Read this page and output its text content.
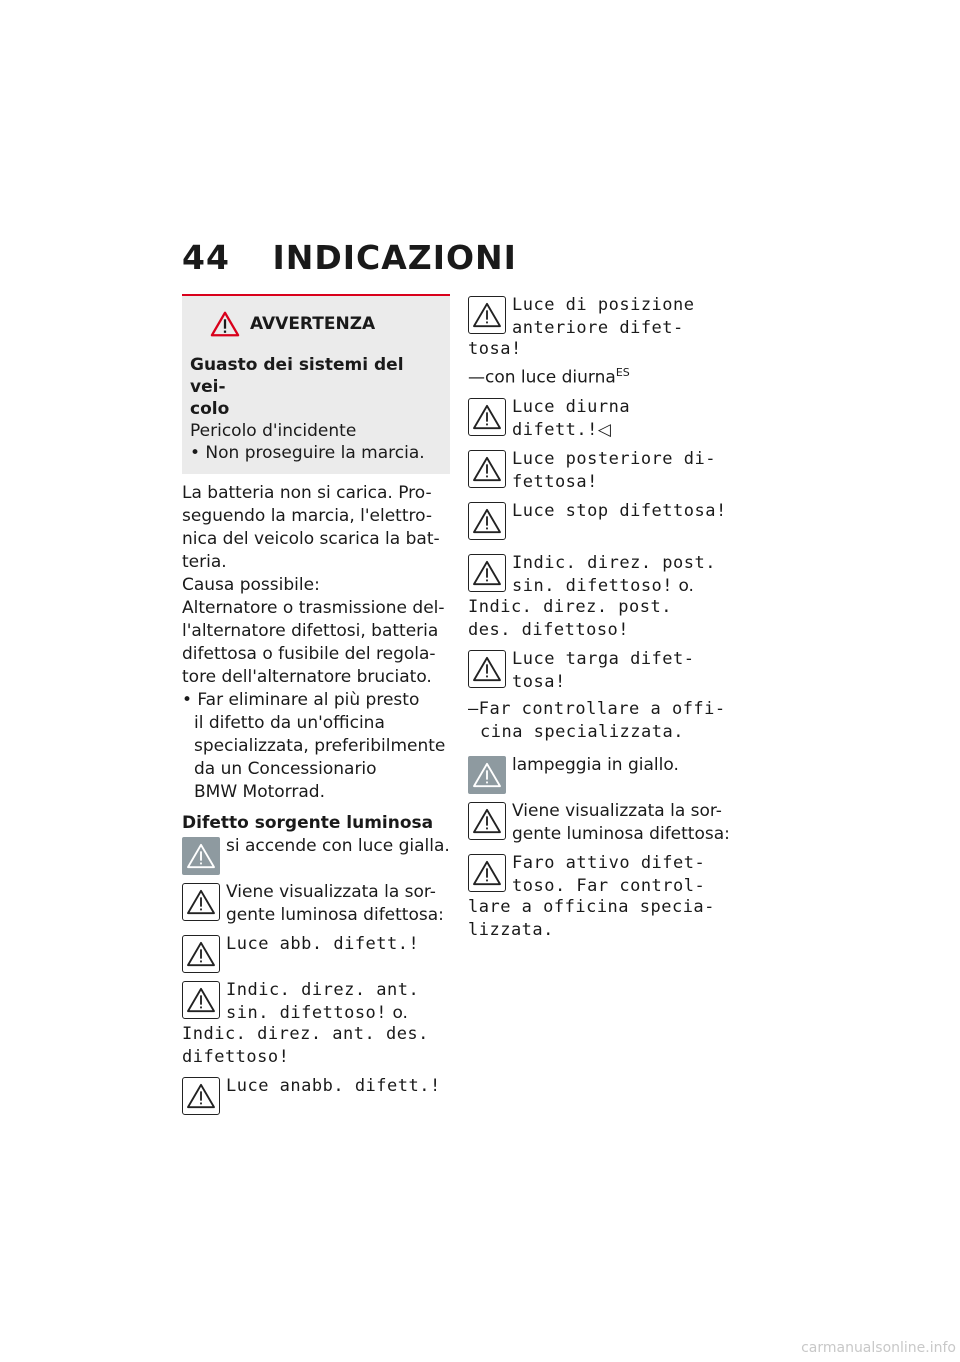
44 INDICAZIONI
AVVERTENZA

Guasto dei sistemi del vei-

colo

Pericolo d'incidente

• Non proseguire la marcia.

La batteria non si carica. Pro-

seguendo la marcia, l'elettro-

nica del veicolo scarica la bat-

teria.

Causa possibile:

Alternatore o trasmissione del-

l'alternatore difettosi, batteria

difettosa o fusibile del regola-

tore dell'alternatore bruciato.

• Far eliminare al più presto

il difetto da un'officina

specializzata, preferibilmente

da un Concessionario

BMW Motorrad.

Difetto sorgente luminosa

si accende con luce gialla.

Viene visualizzata la sor-

gente luminosa difettosa:

Luce abb. difett.!

Indic. direz. ant.

sin. difettoso! o.

Indic. direz. ant. des.

difettoso!

Luce anabb. difett.!

Luce di posizione

anteriore difet-

tosa!

—con luce diurna$^{ES}$

Luce diurna

difett.!◁

Luce posteriore di-

fettosa!

Luce stop difettosa!

Indic. direz. post.

sin. difettoso! o.

Indic. direz. post.

des. difettoso!

Luce targa difet-

tosa!

—Far controllare a offi-

cina specializzata.

lampeggia in giallo.

Viene visualizzata la sor-

gente luminosa difettosa:

Faro attivo difet-

toso. Far control-

lare a officina specia-

lizzata.

carmanualsonline.info
